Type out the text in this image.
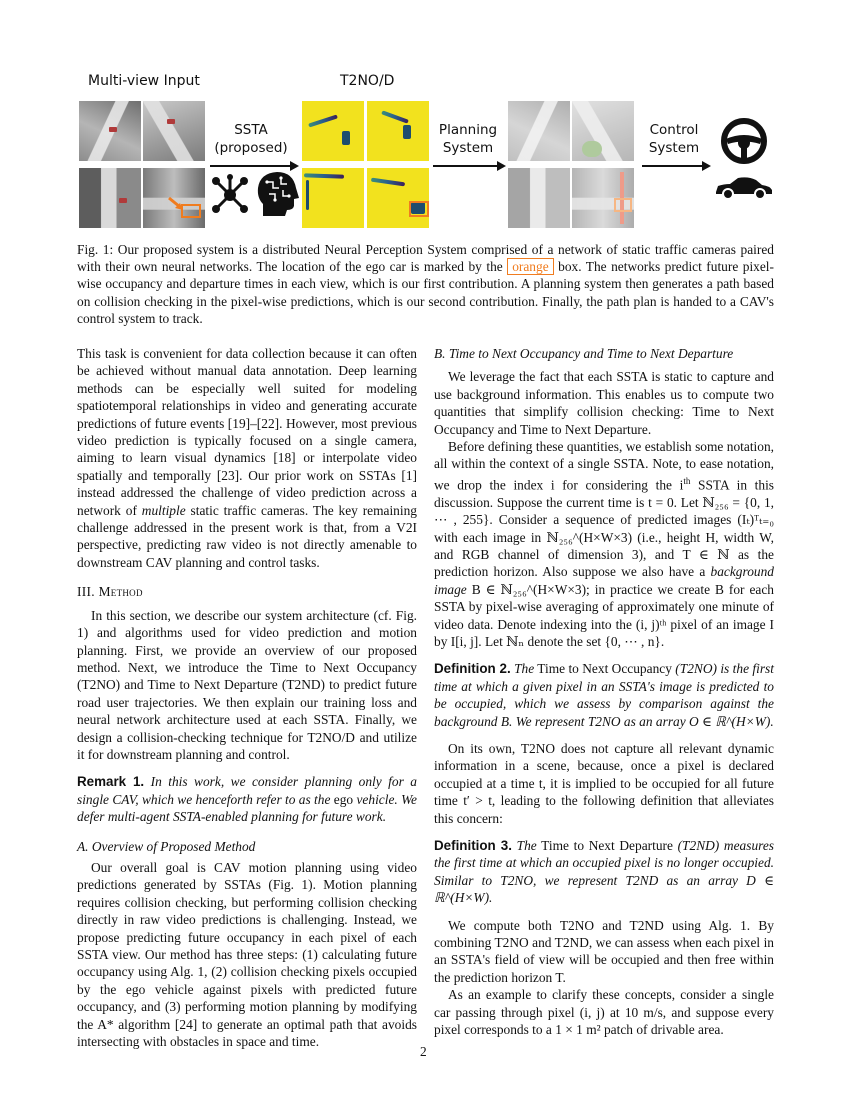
Multi-view Input	T2NO/D
SSTA
(proposed)
Planning
System
Control
System
Fig. 1: Our proposed system is a distributed Neural Perception System comprised of a network of static traffic cameras paired with their own neural networks. The location of the ego car is marked by the orange box. The networks predict future pixel-wise occupancy and departure times in each view, which is our first contribution. A planning system then generates a path based on collision checking in the pixel-wise predictions, which is our second contribution. Finally, the path plan is handed to a CAV's control system to track.

This task is convenient for data collection because it can often be achieved without manual data annotation. Deep learning methods can be especially well suited for modeling spatiotemporal relationships in video and generating accurate predictions of future events [19]–[22]. However, most previous video prediction is typically focused on a single camera, aiming to learn visual dynamics [18] or interpolate video spatially and temporally [23]. Our prior work on SSTAs [1] instead addressed the challenge of video prediction across a network of multiple static traffic cameras. The key remaining challenge addressed in the present work is that, from a V2I perspective, predicting raw video is not directly amenable to downstream CAV planning and control tasks.

III. Method

In this section, we describe our system architecture (cf. Fig. 1) and algorithms used for video prediction and motion planning. First, we provide an overview of our proposed method. Next, we introduce the Time to Next Occupancy (T2NO) and Time to Next Departure (T2ND) to predict future road user trajectories. We then explain our training loss and neural network architecture used at each SSTA. Finally, we design a collision-checking technique for T2NO/D and utilize it for downstream planning and control.

Remark 1. In this work, we consider planning only for a single CAV, which we henceforth refer to as the ego vehicle. We defer multi-agent SSTA-enabled planning for future work.

A. Overview of Proposed Method

Our overall goal is CAV motion planning using video predictions generated by SSTAs (Fig. 1). Motion planning requires collision checking, but performing collision checking directly in raw video predictions is challenging. Instead, we propose predicting future occupancy in each pixel of each SSTA view. Our method has three steps: (1) calculating future occupancy using Alg. 1, (2) collision checking pixels occupied by the ego vehicle against pixels with predicted future occupancy, and (3) performing motion planning by modifying the A* algorithm [24] to generate an optimal path that avoids intersecting with obstacles in space and time.

B. Time to Next Occupancy and Time to Next Departure

We leverage the fact that each SSTA is static to capture and use background information. This enables us to compute two quantities that simplify collision checking: Time to Next Occupancy and Time to Next Departure.

Before defining these quantities, we establish some notation, all within the context of a single SSTA. Note, to ease notation, we drop the index i for considering the $i^{th}$ SSTA in this discussion. Suppose the current time is t = 0. Let ℕ₂₅₆ = {0, 1, ⋯ , 255}. Consider a sequence of predicted images (Iₜ)ᵀₜ₌₀ with each image in ℕ₂₅₆^(H×W×3) (i.e., height H, width W, and RGB channel of dimension 3), and T ∈ ℕ as the prediction horizon. Also suppose we also have a background image B ∈ ℕ₂₅₆^(H×W×3); in practice we create B for each SSTA by pixel-wise averaging of approximately one minute of video data. Denote indexing into the (i, j)ᵗʰ pixel of an image I by I[i, j]. Let ℕₙ denote the set {0, ⋯ , n}.

Definition 2. The Time to Next Occupancy (T2NO) is the first time at which a given pixel in an SSTA's image is predicted to be occupied, which we assess by comparison against the background B. We represent T2NO as an array O ∈ ℝ^(H×W).

On its own, T2NO does not capture all relevant dynamic information in a scene, because, once a pixel is declared occupied at a time t, it is implied to be occupied for all future time t′ > t, leading to the following definition that alleviates this concern:

Definition 3. The Time to Next Departure (T2ND) measures the first time at which an occupied pixel is no longer occupied. Similar to T2NO, we represent T2ND as an array D ∈ ℝ^(H×W).

We compute both T2NO and T2ND using Alg. 1. By combining T2NO and T2ND, we can assess when each pixel in an SSTA's field of view will be occupied and then free within the prediction horizon T.

As an example to clarify these concepts, consider a single car passing through pixel (i, j) at 10 m/s, and suppose every pixel corresponds to a 1 × 1 m² patch of drivable area.

2
